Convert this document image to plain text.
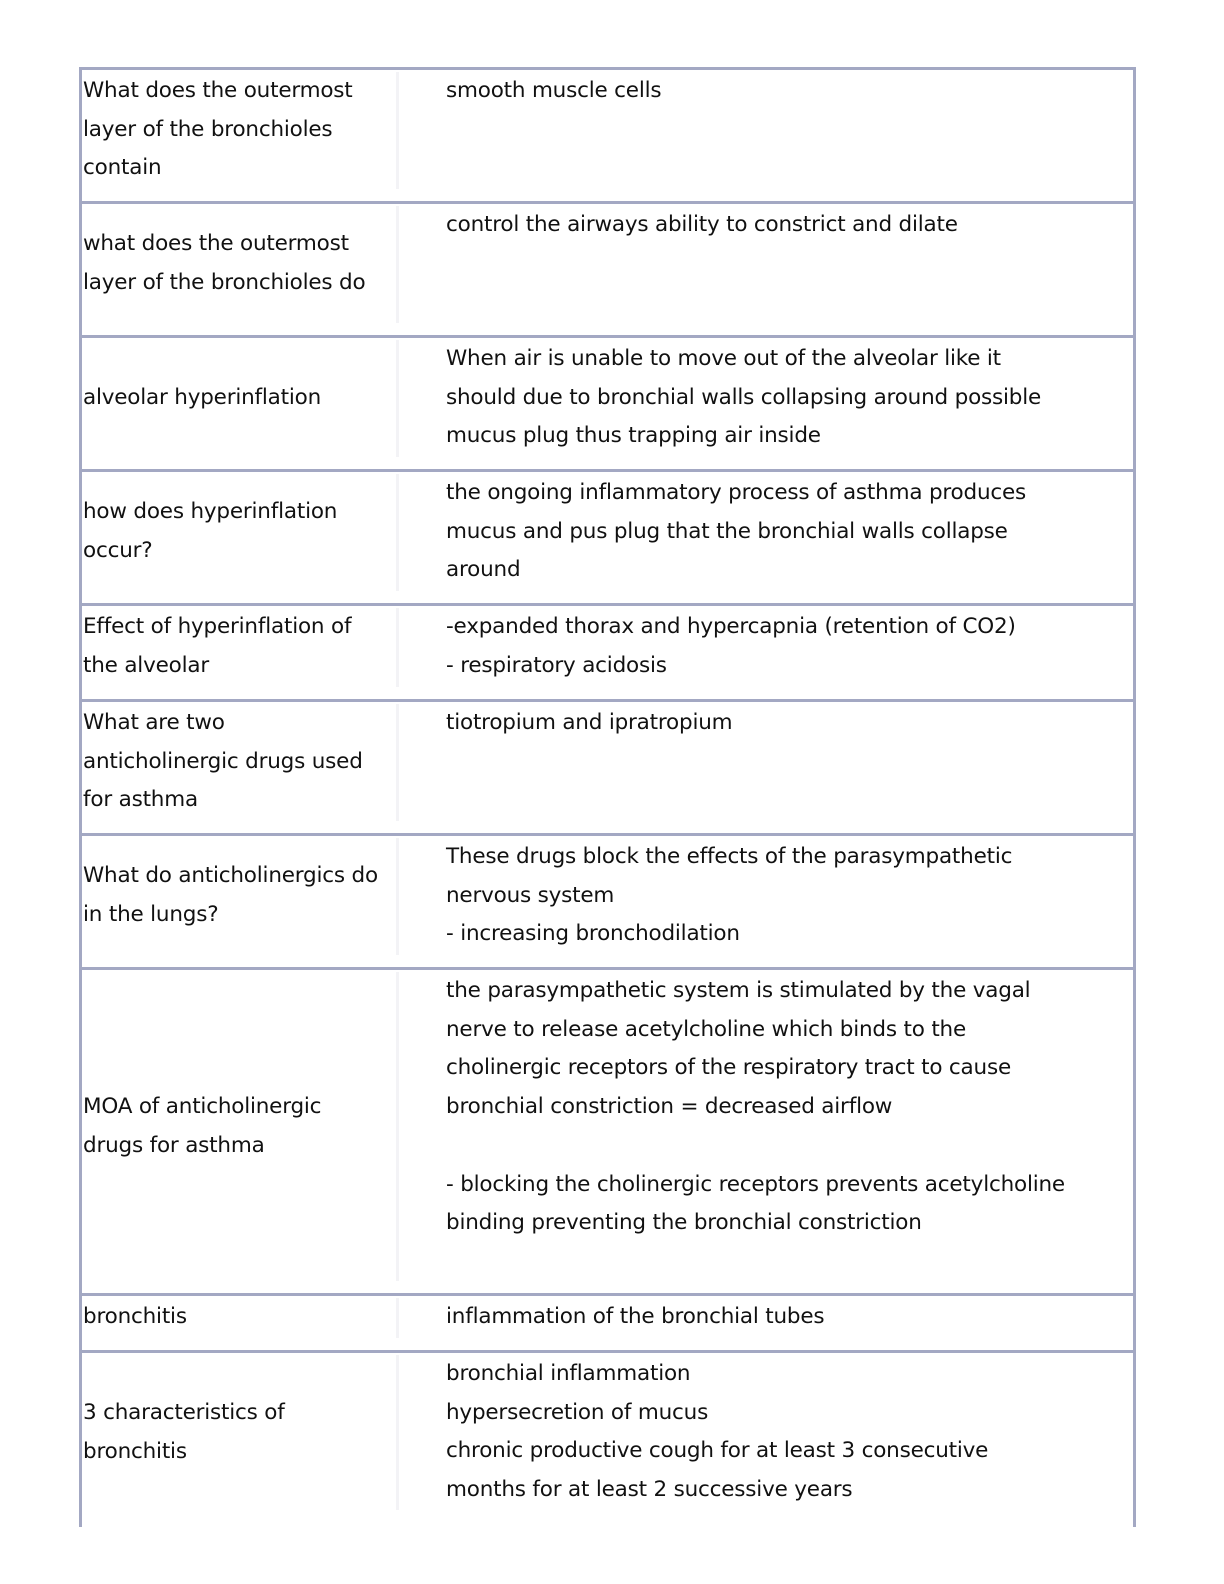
What does the outermost layer of the bronchioles contain
smooth muscle cells
what does the outermost layer of the bronchioles do
control the airways ability to constrict and dilate
alveolar hyperinflation
When air is unable to move out of the alveolar like it should due to bronchial walls collapsing around possible mucus plug thus trapping air inside
how does hyperinflation occur?
the ongoing inflammatory process of asthma produces mucus and pus plug that the bronchial walls collapse around
Effect of hyperinflation of the alveolar
-expanded thorax and hypercapnia (retention of CO2)
- respiratory acidosis
What are two anticholinergic drugs used for asthma
tiotropium and ipratropium
What do anticholinergics do in the lungs?
These drugs block the effects of the parasympathetic nervous system
- increasing bronchodilation
MOA of anticholinergic drugs for asthma
the parasympathetic system is stimulated by the vagal nerve to release acetylcholine which binds to the cholinergic receptors of the respiratory tract to cause bronchial constriction = decreased airflow

- blocking the cholinergic receptors prevents acetylcholine binding preventing the bronchial constriction
bronchitis	inflammation of the bronchial tubes
3 characteristics of bronchitis
bronchial inflammation
hypersecretion of mucus
chronic productive cough for at least 3 consecutive months for at least 2 successive years
